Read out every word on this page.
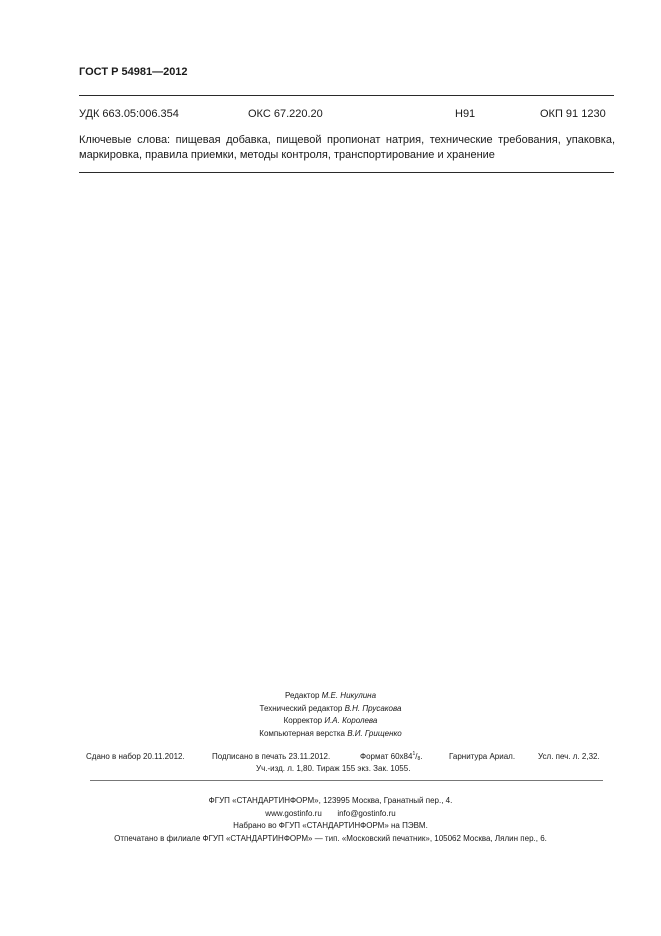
ГОСТ Р 54981—2012
УДК 663.05:006.354	ОКС 67.220.20	Н91	ОКП 91 1230
Ключевые слова: пищевая добавка, пищевой пропионат натрия, технические требования, упаковка, маркировка, правила приемки, методы контроля, транспортирование и хранение
Редактор М.Е. Никулина
Технический редактор В.Н. Прусакова
Корректор И.А. Королева
Компьютерная верстка В.И. Грищенко
Сдано в набор 20.11.2012.	Подписано в печать 23.11.2012.	Формат $60х84^1/_8$.	Гарнитура Ариал.	Усл. печ. л. 2,32.
Уч.-изд. л. 1,80. Тираж 155 экз. Зак. 1055.
ФГУП «СТАНДАРТИНФОРМ», 123995 Москва, Гранатный пер., 4.
www.gostinfo.ru info@gostinfo.ru
Набрано во ФГУП «СТАНДАРТИНФОРМ» на ПЭВМ.
Отпечатано в филиале ФГУП «СТАНДАРТИНФОРМ» — тип. «Московский печатник», 105062 Москва, Лялин пер., 6.
